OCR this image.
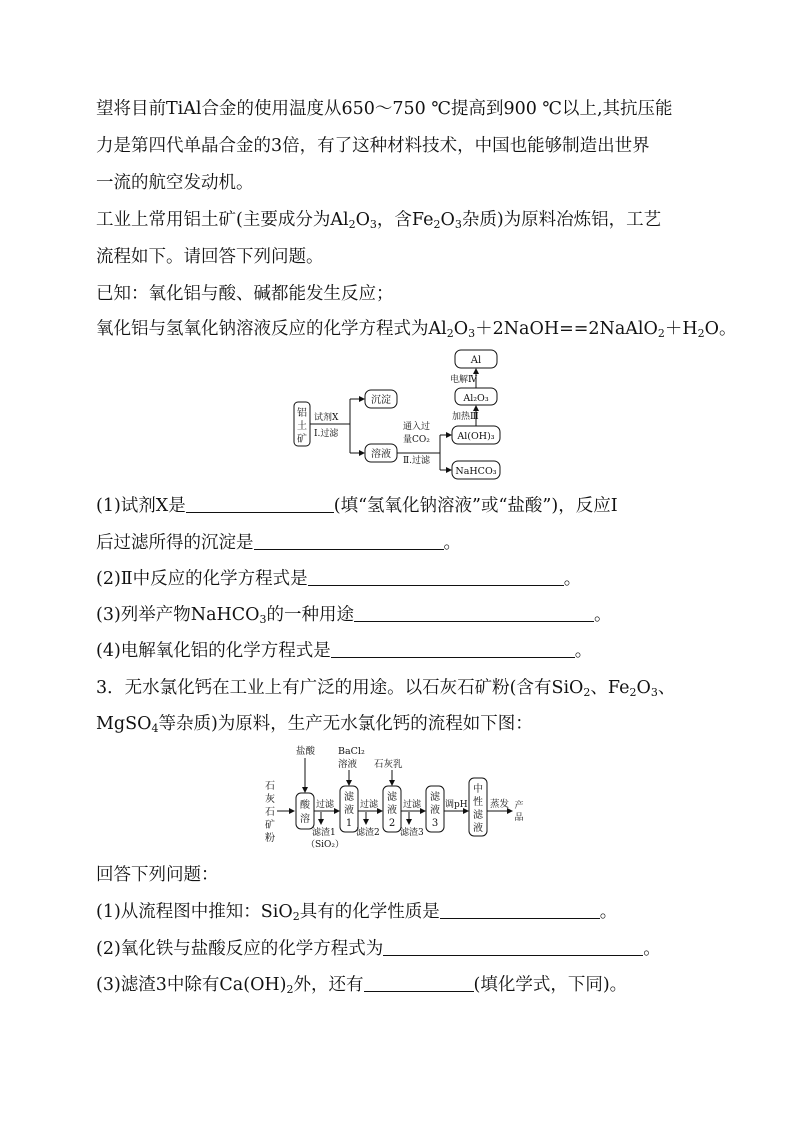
望将目前TiAl合金的使用温度从650～750 ℃提高到900 ℃以上,其抗压能
力是第四代单晶合金的3倍，有了这种材料技术，中国也能够制造出世界
一流的航空发动机。
工业上常用铝土矿(主要成分为$Al_2O_3$，含$Fe_2O_3$杂质)为原料冶炼铝，工艺
流程如下。请回答下列问题。
已知：氧化铝与酸、碱都能发生反应；
氧化铝与氢氧化钠溶液反应的化学方程式为$Al_2O_3+2NaOH==2NaAlO_2+H_2O$。
铝
土
矿
试剂X
Ⅰ.过滤
沉淀
溶液
通入过
量CO₂
Ⅱ.过滤
Al(OH)₃
NaHCO₃
加热Ⅲ
Al₂O₃
电解Ⅳ
Al
(1)试剂X是	(填“氢氧化钠溶液”或“盐酸”)，反应Ⅰ
后过滤所得的沉淀是	。
(2)Ⅱ中反应的化学方程式是	。
(3)列举产物NaHCO$_3$的一种用途	。
(4)电解氧化铝的化学方程式是	。
3．无水氯化钙在工业上有广泛的用途。以石灰石矿粉(含有SiO$_2$、$Fe_2O_3$、
MgSO$_4$等杂质)为原料，生产无水氯化钙的流程如下图：
石
灰
石
矿
粉
盐酸
酸
溶
过滤
滤渣1
（SiO₂）
BaCl₂
溶液
滤
液
1
过滤
滤渣2
石灰乳
滤
液
2
过滤
滤渣3
滤
液
3
调pH
中
性
滤
液
蒸发 产
品
回答下列问题：
(1)从流程图中推知：SiO$_2$具有的化学性质是	。
(2)氧化铁与盐酸反应的化学方程式为	。
(3)滤渣3中除有$Ca(OH)_2$外，还有	(填化学式，下同)。
